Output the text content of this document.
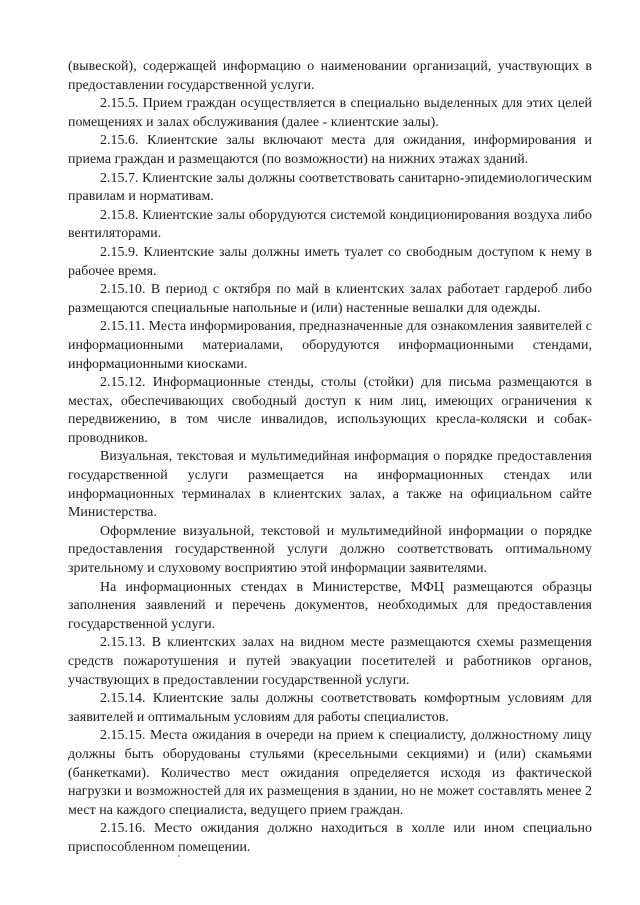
(вывеской), содержащей информацию о наименовании организаций, участвующих в предоставлении государственной услуги.

2.15.5. Прием граждан осуществляется в специально выделенных для этих целей помещениях и залах обслуживания (далее - клиентские залы).

2.15.6. Клиентские залы включают места для ожидания, информирования и приема граждан и размещаются (по возможности) на нижних этажах зданий.

2.15.7. Клиентские залы должны соответствовать санитарно-эпидемиологическим правилам и нормативам.

2.15.8. Клиентские залы оборудуются системой кондиционирования воздуха либо вентиляторами.

2.15.9. Клиентские залы должны иметь туалет со свободным доступом к нему в рабочее время.

2.15.10. В период с октября по май в клиентских залах работает гардероб либо размещаются специальные напольные и (или) настенные вешалки для одежды.

2.15.11. Места информирования, предназначенные для ознакомления заявителей с информационными материалами, оборудуются информационными стендами, информационными киосками.

2.15.12. Информационные стенды, столы (стойки) для письма размещаются в местах, обеспечивающих свободный доступ к ним лиц, имеющих ограничения к передвижению, в том числе инвалидов, использующих кресла-коляски и собак-проводников.

Визуальная, текстовая и мультимедийная информация о порядке предоставления государственной услуги размещается на информационных стендах или информационных терминалах в клиентских залах, а также на официальном сайте Министерства.

Оформление визуальной, текстовой и мультимедийной информации о порядке предоставления государственной услуги должно соответствовать оптимальному зрительному и слуховому восприятию этой информации заявителями.

На информационных стендах в Министерстве, МФЦ размещаются образцы заполнения заявлений и перечень документов, необходимых для предоставления государственной услуги.

2.15.13. В клиентских залах на видном месте размещаются схемы размещения средств пожаротушения и путей эвакуации посетителей и работников органов, участвующих в предоставлении государственной услуги.

2.15.14. Клиентские залы должны соответствовать комфортным условиям для заявителей и оптимальным условиям для работы специалистов.

2.15.15. Места ожидания в очереди на прием к специалисту, должностному лицу должны быть оборудованы стульями (кресельными секциями) и (или) скамьями (банкетками). Количество мест ожидания определяется исходя из фактической нагрузки и возможностей для их размещения в здании, но не может составлять менее 2 мест на каждого специалиста, ведущего прием граждан.

2.15.16. Место ожидания должно находиться в холле или ином специально приспособленном помещении.
